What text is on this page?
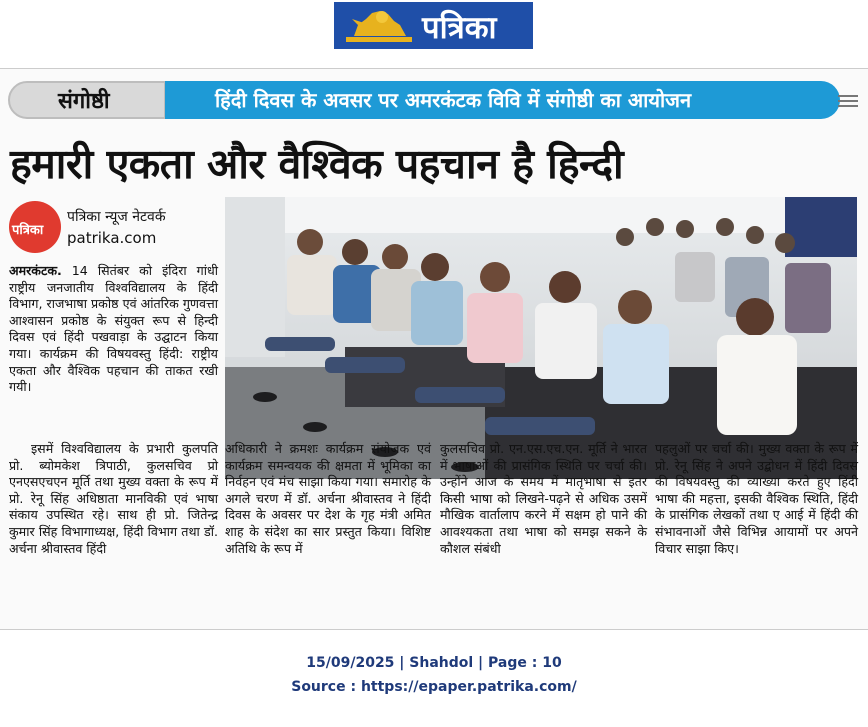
पत्रिका
संगोष्ठी	हिंदी दिवस के अवसर पर अमरकंटक विवि में संगोष्ठी का आयोजन
हमारी एकता और वैश्विक पहचान है हिन्दी
पत्रिका
पत्रिका न्यूज नेटवर्क
patrika.com

अमरकंटक. 14 सितंबर को इंदिरा गांधी राष्ट्रीय जनजातीय विश्वविद्यालय के हिंदी विभाग, राजभाषा प्रकोष्ठ एवं आंतरिक गुणवत्ता आश्वासन प्रकोष्ठ के संयुक्त रूप से हिन्दी दिवस एवं हिंदी पखवाड़ा के उद्घाटन किया गया। कार्यक्रम की विषयवस्तु हिंदी: राष्ट्रीय एकता और वैश्विक पहचान की ताकत रखी गयी।

इसमें विश्वविद्यालय के प्रभारी कुलपति प्रो. ब्योमकेश त्रिपाठी, कुलसचिव प्रो एनएसएचएन मूर्ति तथा मुख्य वक्ता के रूप में प्रो. रेनू सिंह अधिष्ठाता मानविकी एवं भाषा संकाय उपस्थित रहे। साथ ही प्रो. जितेन्द्र कुमार सिंह विभागाध्यक्ष, हिंदी विभाग तथा डॉ. अर्चना श्रीवास्तव हिंदी

अधिकारी ने क्रमशः कार्यक्रम संयोजक एवं कार्यक्रम समन्वयक की क्षमता में भूमिका का निर्वहन एवं मंच साझा किया गया। समारोह के अगले चरण में डॉ. अर्चना श्रीवास्तव ने हिंदी दिवस के अवसर पर देश के गृह मंत्री अमित शाह के संदेश का सार प्रस्तुत किया। विशिष्ट अतिथि के रूप में

कुलसचिव प्रो. एन.एस.एच.एन. मूर्ति ने भारत में भाषाओं की प्रासंगिक स्थिति पर चर्चा की। उन्होंने आज के समय में मातृभाषा से इतर किसी भाषा को लिखने-पढ़ने से अधिक उसमें मौखिक वार्तालाप करने में सक्षम हो पाने की आवश्यकता तथा भाषा को समझ सकने के कौशल संबंधी

पहलुओं पर चर्चा की। मुख्य वक्ता के रूप में प्रो. रेनू सिंह ने अपने उद्बोधन में हिंदी दिवस की विषयवस्तु की व्याख्या करते हुए हिंदी भाषा की महत्ता, इसकी वैश्विक स्थिति, हिंदी के प्रासंगिक लेखकों तथा ए आई में हिंदी की संभावनाओं जैसे विभिन्न आयामों पर अपने विचार साझा किए।

15/09/2025 | Shahdol | Page : 10
Source : https://epaper.patrika.com/
